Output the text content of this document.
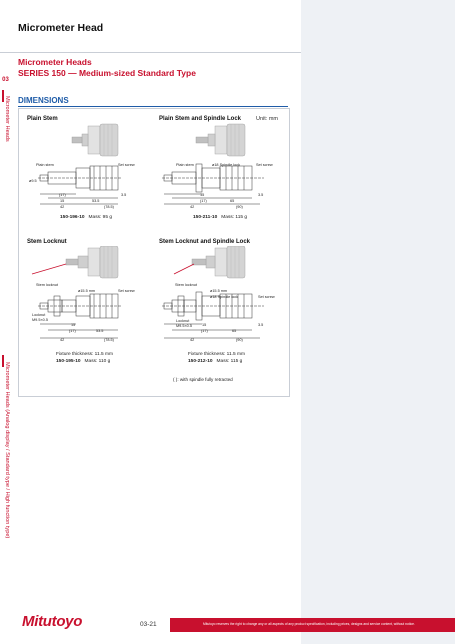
Micrometer Head
03
Micrometer Heads
Micrometer Heads (Analog display / Standard type / High function type)
Micrometer Heads
SERIES 150 — Medium-sized Standard Type
DIMENSIONS
Unit: mm
Plain Stem	Plain Stem and Spindle Lock
Stem Locknut	Stem Locknut and Spindle Lock
Plain stem	Set screw
15
(17)
53.5
42	(78.5)
3.5
ø9.5
150-196-10 Mass: 95 g
Plain stem	ø18 Spindle lock	Set screw
15
(17)	65
42	(90)
3.5
150-211-10 Mass: 115 g
Stem locknut
ø15.5 mm	Set screw
Locknut
M9.5×0.5
15
(17)	53.5
42	(78.5)
Fixture thickness: 11.5 mm
150-195-10 Mass: 110 g
Stem locknut
ø15.5 mm
ø18 Spindle lock	Set screw
Locknut
M9.5×0.5	15
(17)	65
42	(90)
3.5
Fixture thickness: 11.5 mm
150-212-10 Mass: 115 g
( ): with spindle fully retracted
Mitutoyo	03-21	Mitutoyo reserves the right to change any or all aspects of any product specification, including prices, designs and service content, without notice.
